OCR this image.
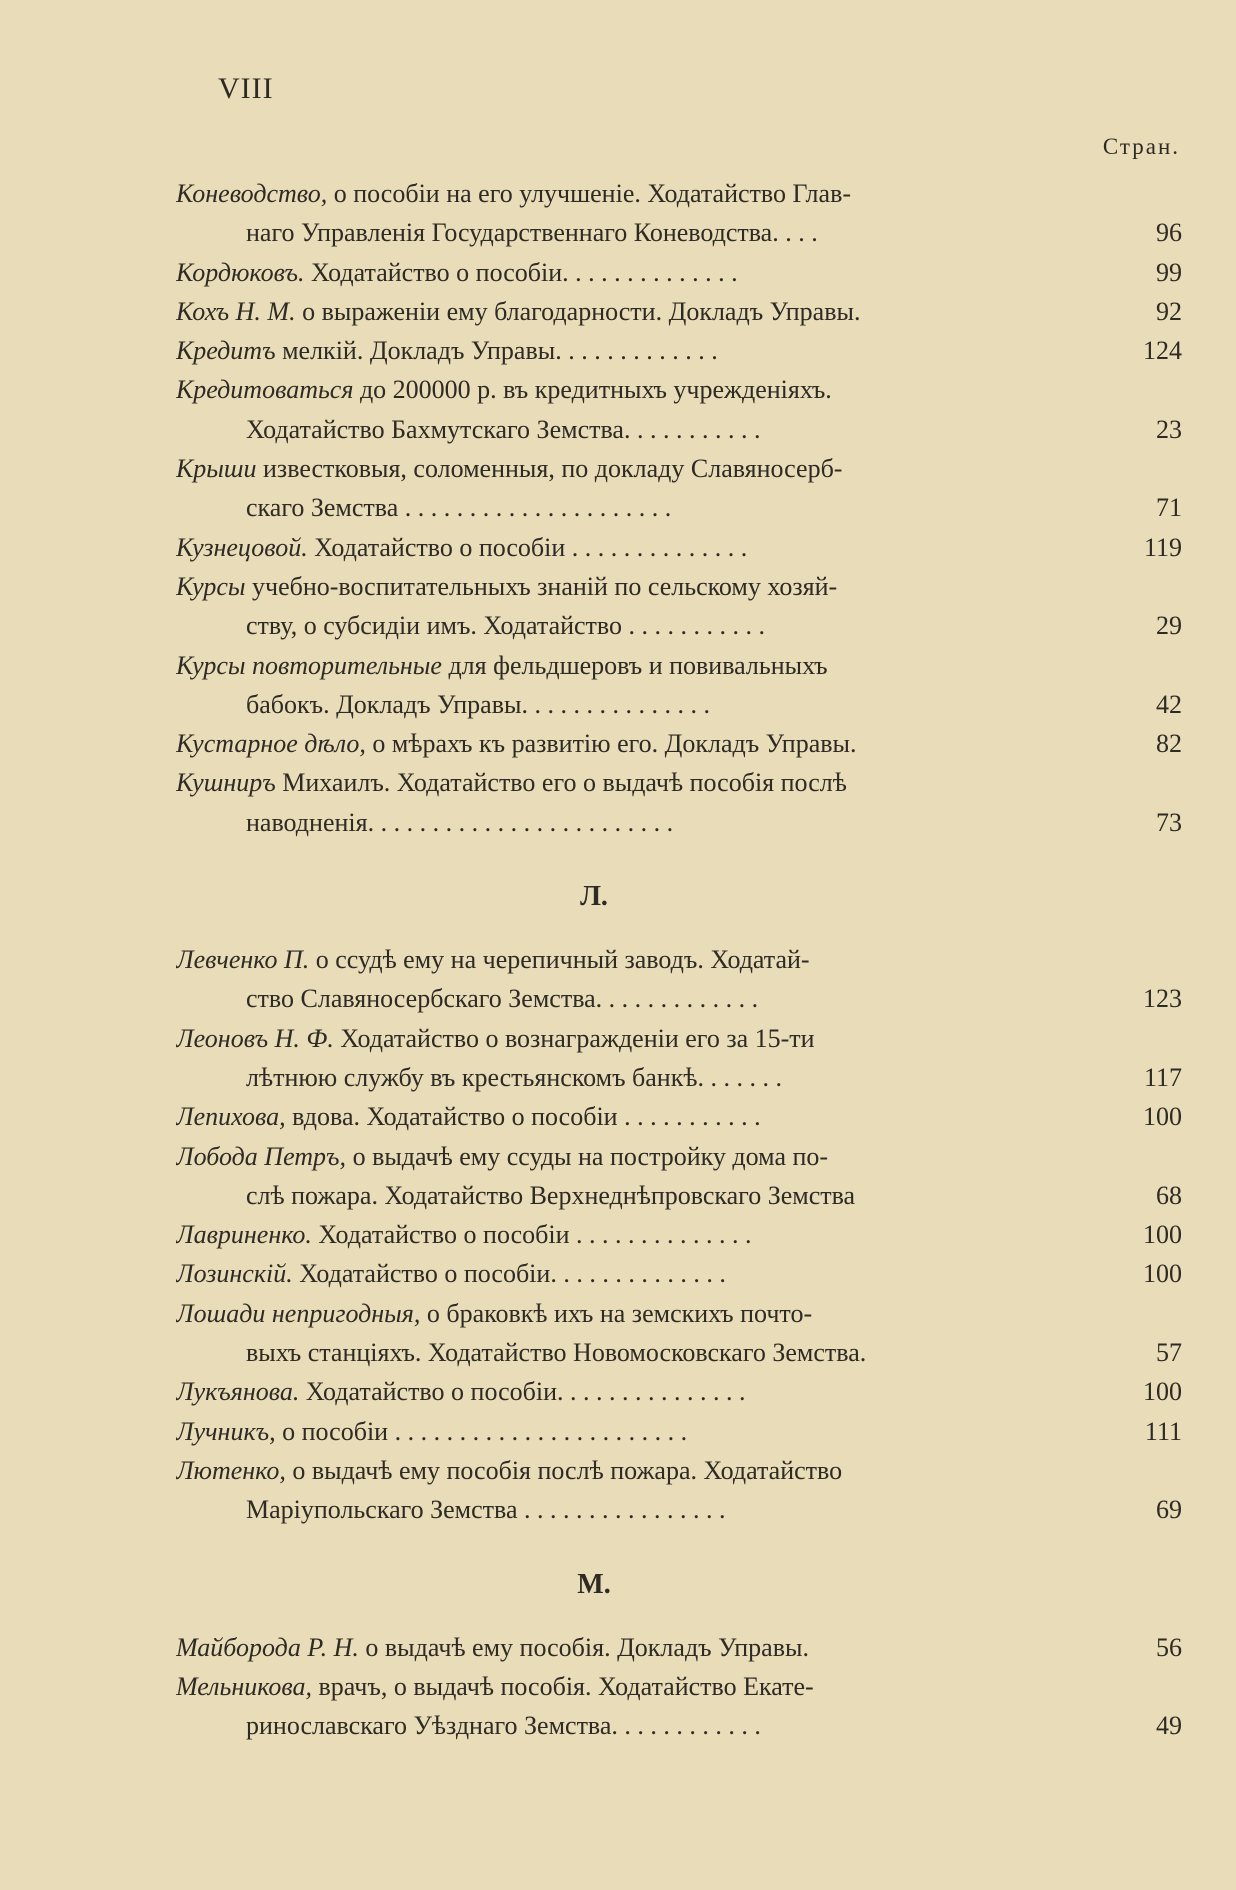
VIII
Стран.
Коневодство, о пособіи на его улучшеніе. Ходатайство Глав-
наго Управленія Государственнаго Коневодства. . . .	96
Кордюковъ. Ходатайство о пособіи. . . . . . . . . . . . . .	99
Кохъ Н. М. о выраженіи ему благодарности. Докладъ Управы.	92
Кредитъ мелкій. Докладъ Управы. . . . . . . . . . . . .	124
Кредитоваться до 200000 р. въ кредитныхъ учрежденіяхъ.
Ходатайство Бахмутскаго Земства. . . . . . . . . . .	23
Крыши известковыя, соломенныя, по докладу Славяносерб-
скаго Земства . . . . . . . . . . . . . . . . . . . . .	71
Кузнецовой. Ходатайство о пособіи . . . . . . . . . . . . . .	119
Курсы учебно-воспитательныхъ знаній по сельскому хозяй-
ству, о субсидіи имъ. Ходатайство . . . . . . . . . . .	29
Курсы повторительные для фельдшеровъ и повивальныхъ
бабокъ. Докладъ Управы. . . . . . . . . . . . . . .	42
Кустарное дѣло, о мѣрахъ къ развитію его. Докладъ Управы.	82
Кушниръ Михаилъ. Ходатайство его о выдачѣ пособія послѣ
наводненія. . . . . . . . . . . . . . . . . . . . . . . .	73
Л.
Левченко П. о ссудѣ ему на черепичный заводъ. Ходатай-
ство Славяносербскаго Земства. . . . . . . . . . . . .	123
Леоновъ Н. Ф. Ходатайство о вознагражденіи его за 15-ти
лѣтнюю службу въ крестьянскомъ банкѣ. . . . . . .	117
Лепихова, вдова. Ходатайство о пособіи . . . . . . . . . . .	100
Лобода Петръ, о выдачѣ ему ссуды на постройку дома по-
слѣ пожара. Ходатайство Верхнеднѣпровскаго Земства	68
Лавриненко. Ходатайство о пособіи . . . . . . . . . . . . . .	100
Лозинскій. Ходатайство о пособіи. . . . . . . . . . . . . .	100
Лошади непригодныя, о браковкѣ ихъ на земскихъ почто-
выхъ станціяхъ. Ходатайство Новомосковскаго Земства.	57
Лукъянова. Ходатайство о пособіи. . . . . . . . . . . . . . .	100
Лучникъ, о пособіи . . . . . . . . . . . . . . . . . . . . . . .	111
Лютенко, о выдачѣ ему пособія послѣ пожара. Ходатайство
Маріупольскаго Земства . . . . . . . . . . . . . . . .	69
М.
Майборода Р. Н. о выдачѣ ему пособія. Докладъ Управы.	56
Мельникова, врачъ, о выдачѣ пособія. Ходатайство Екате-
ринославскаго Уѣзднаго Земства. . . . . . . . . . . .	49
